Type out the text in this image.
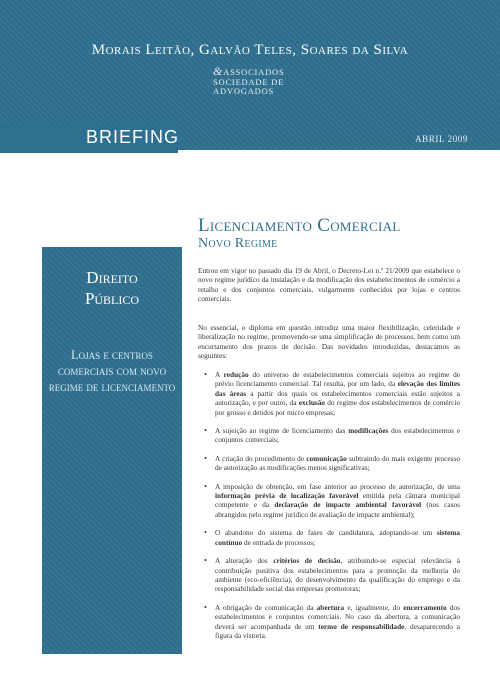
Morais Leitão, Galvão Teles, Soares da Silva
&ASSOCIADOS
SOCIEDADE DE
ADVOGADOS
ABRIL 2009
BRIEFING
Direito
Público
Lojas e centros comerciais com novo regime de licenciamento
Licenciamento Comercial
Novo Regime
Entrou em vigor no passado dia 19 de Abril, o Decreto-Lei n.º 21/2009 que estabelece o novo regime jurídico da instalação e da modificação dos estabelecimentos de comércio a retalho e dos conjuntos comerciais, vulgarmente conhecidos por lojas e centros comerciais.
No essencial, o diploma em questão introduz uma maior flexibilização, celeridade e liberalização no regime, promovendo-se uma simplificação de processos, bem como um encurtamento dos prazos de decisão. Das novidades introduzidas, destacamos as seguintes:
• A redução do universo de estabelecimentos comerciais sujeitos ao regime de prévio licenciamento comercial. Tal resulta, por um lado, da elevação dos limites das áreas a partir dos quais os estabelecimentos comerciais estão sujeitos a autorização, e por outro, da exclusão do regime dos estabelecimentos de comércio por grosso e detidos por micro empresas;
• A sujeição ao regime de licenciamento das modificações dos estabelecimentos e conjuntos comerciais;
• A criação do procedimento de comunicação subtraindo do mais exigente processo de autorização as modificações menos significativas;
• A imposição de obtenção, em fase anterior ao processo de autorização, de uma informação prévia de localização favorável emitida pela câmara municipal competente e da declaração de impacte ambiental favorável (nos casos abrangidos pelo regime jurídico de avaliação de impacte ambiental);
• O abandono do sistema de fases de candidatura, adoptando-se um sistema contínuo de entrada de processos;
• A alteração dos critérios de decisão, atribuindo-se especial relevância à contribuição positiva dos estabelecimentos para a promoção da melhoria do ambiente (eco-eficiência), do desenvolvimento da qualificação do emprego e da responsabilidade social das empresas promotoras;
• A obrigação de comunicação da abertura e, igualmente, do encerramento dos estabelecimentos e conjuntos comerciais. No caso da abertura, a comunicação deverá ser acompanhada de um termo de responsabilidade, desaparecendo a figura da vistoria.
